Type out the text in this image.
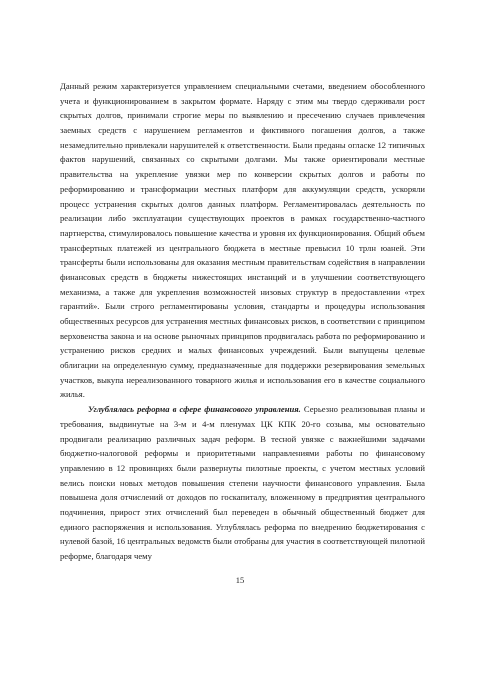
Данный режим характеризуется управлением специальными счетами, введением обособленного учета и функционированием в закрытом формате. Наряду с этим мы твердо сдерживали рост скрытых долгов, принимали строгие меры по выявлению и пресечению случаев привлечения заемных средств с нарушением регламентов и фиктивного погашения долгов, а также незамедлительно привлекали нарушителей к ответственности. Были преданы огласке 12 типичных фактов нарушений, связанных со скрытыми долгами. Мы также ориентировали местные правительства на укрепление увязки мер по конверсии скрытых долгов и работы по реформированию и трансформации местных платформ для аккумуляции средств, ускоряли процесс устранения скрытых долгов данных платформ. Регламентировалась деятельность по реализации либо эксплуатации существующих проектов в рамках государственно-частного партнерства, стимулировалось повышение качества и уровня их функционирования. Общий объем трансфертных платежей из центрального бюджета в местные превысил 10 трлн юаней. Эти трансферты были использованы для оказания местным правительствам содействия в направлении финансовых средств в бюджеты нижестоящих инстанций и в улучшении соответствующего механизма, а также для укрепления возможностей низовых структур в предоставлении «трех гарантий». Были строго регламентированы условия, стандарты и процедуры использования общественных ресурсов для устранения местных финансовых рисков, в соответствии с принципом верховенства закона и на основе рыночных принципов продвигалась работа по реформированию и устранению рисков средних и малых финансовых учреждений. Были выпущены целевые облигации на определенную сумму, предназначенные для поддержки резервирования земельных участков, выкупа нереализованного товарного жилья и использования его в качестве социального жилья.

Углублялась реформа в сфере финансового управления. Серьезно реализовывая планы и требования, выдвинутые на 3-м и 4-м пленумах ЦК КПК 20-го созыва, мы основательно продвигали реализацию различных задач реформ. В тесной увязке с важнейшими задачами бюджетно-налоговой реформы и приоритетными направлениями работы по финансовому управлению в 12 провинциях были развернуты пилотные проекты, с учетом местных условий велись поиски новых методов повышения степени научности финансового управления. Была повышена доля отчислений от доходов по госкапиталу, вложенному в предприятия центрального подчинения, прирост этих отчислений был переведен в обычный общественный бюджет для единого распоряжения и использования. Углублялась реформа по внедрению бюджетирования с нулевой базой, 16 центральных ведомств были отобраны для участия в соответствующей пилотной реформе, благодаря чему

15
